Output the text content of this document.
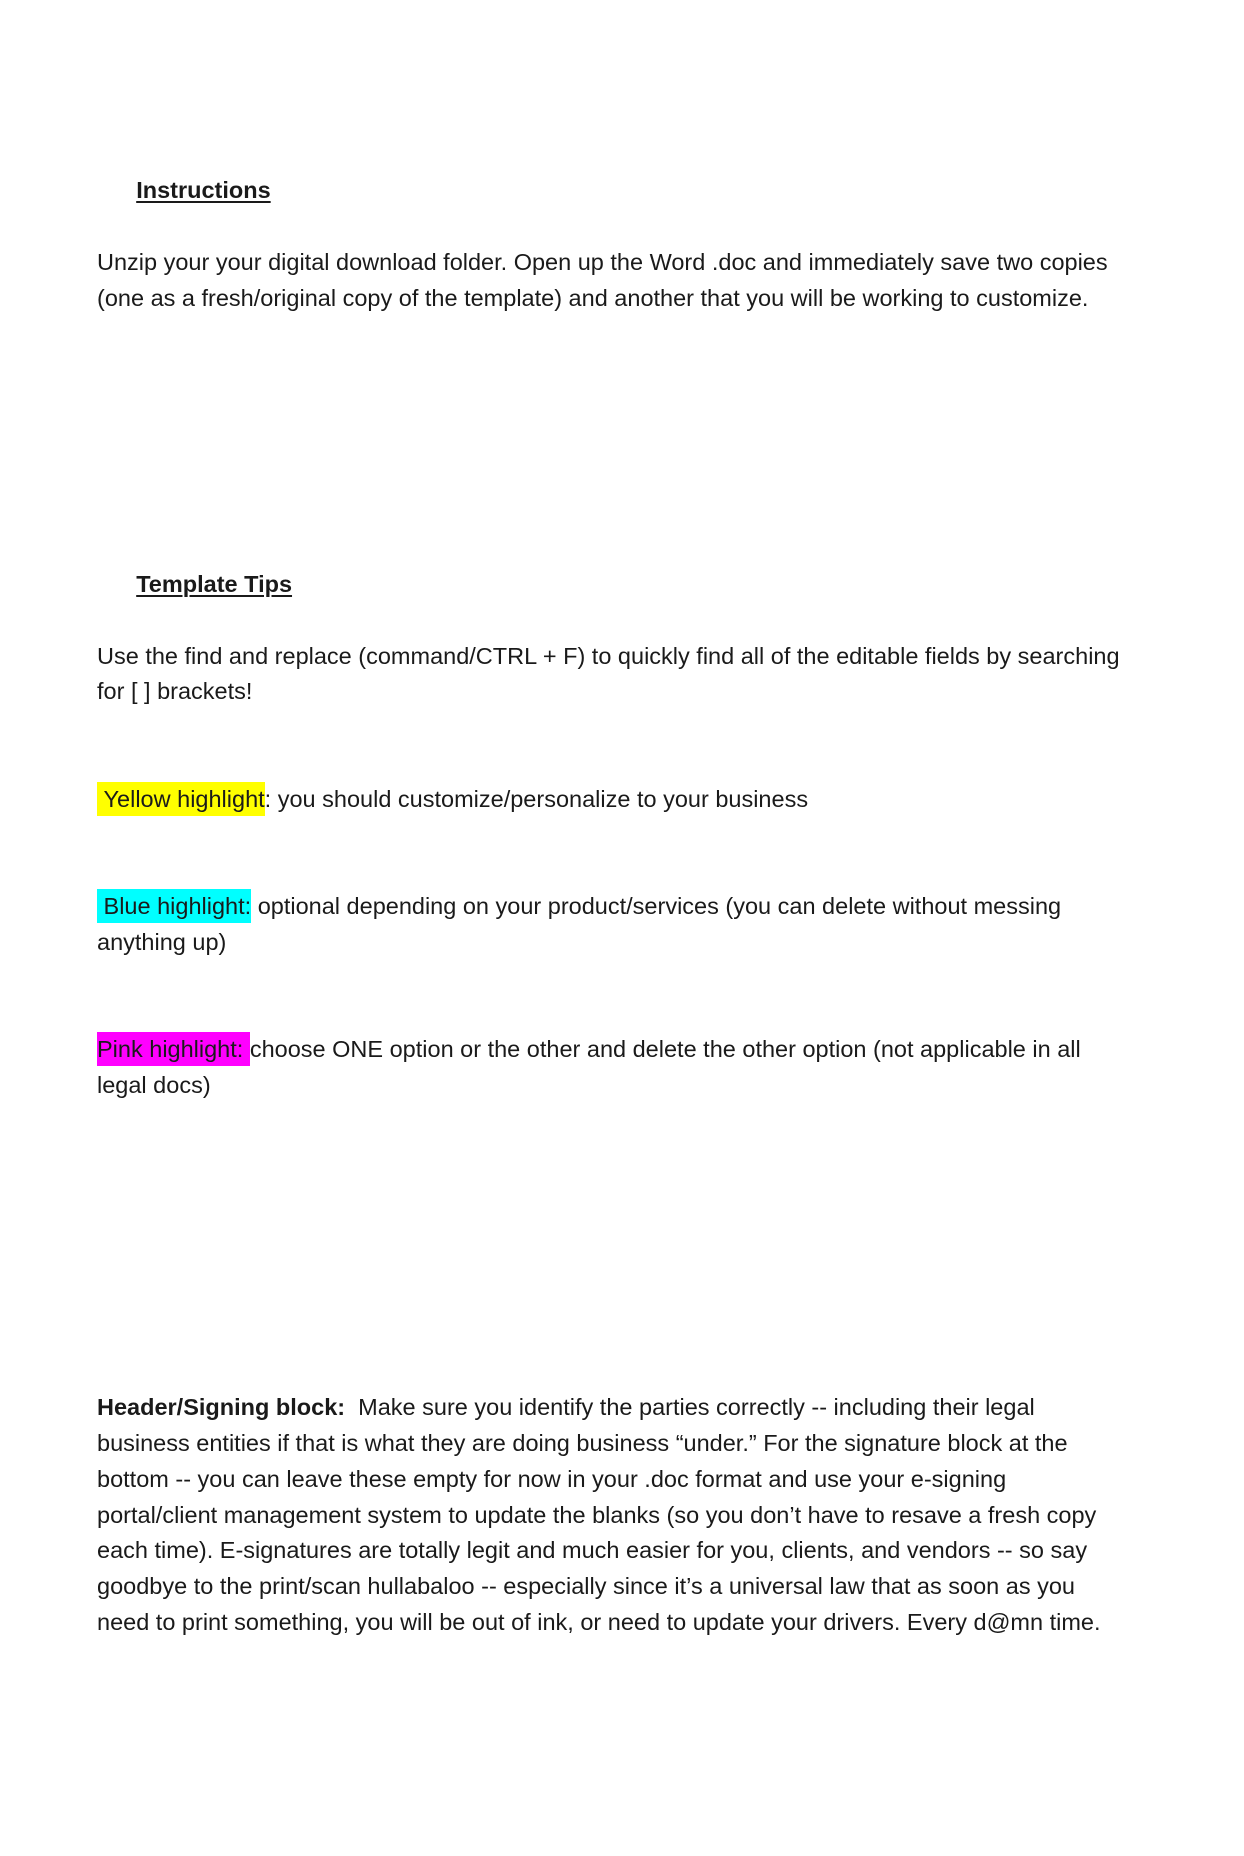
Instructions

Unzip your your digital download folder. Open up the Word .doc and immediately save two copies (one as a fresh/original copy of the template) and another that you will be working to customize.

Template Tips

Use the find and replace (command/CTRL + F) to quickly find all of the editable fields by searching for [ ] brackets!

Yellow highlight: you should customize/personalize to your business

Blue highlight: optional depending on your product/services (you can delete without messing anything up)

Pink highlight: choose ONE option or the other and delete the other option (not applicable in all legal docs)

Header/Signing block:  Make sure you identify the parties correctly -- including their legal business entities if that is what they are doing business “under.” For the signature block at the bottom -- you can leave these empty for now in your .doc format and use your e-signing portal/client management system to update the blanks (so you don’t have to resave a fresh copy each time). E-signatures are totally legit and much easier for you, clients, and vendors -- so say goodbye to the print/scan hullabaloo -- especially since it’s a universal law that as soon as you need to print something, you will be out of ink, or need to update your drivers. Every d@mn time.
